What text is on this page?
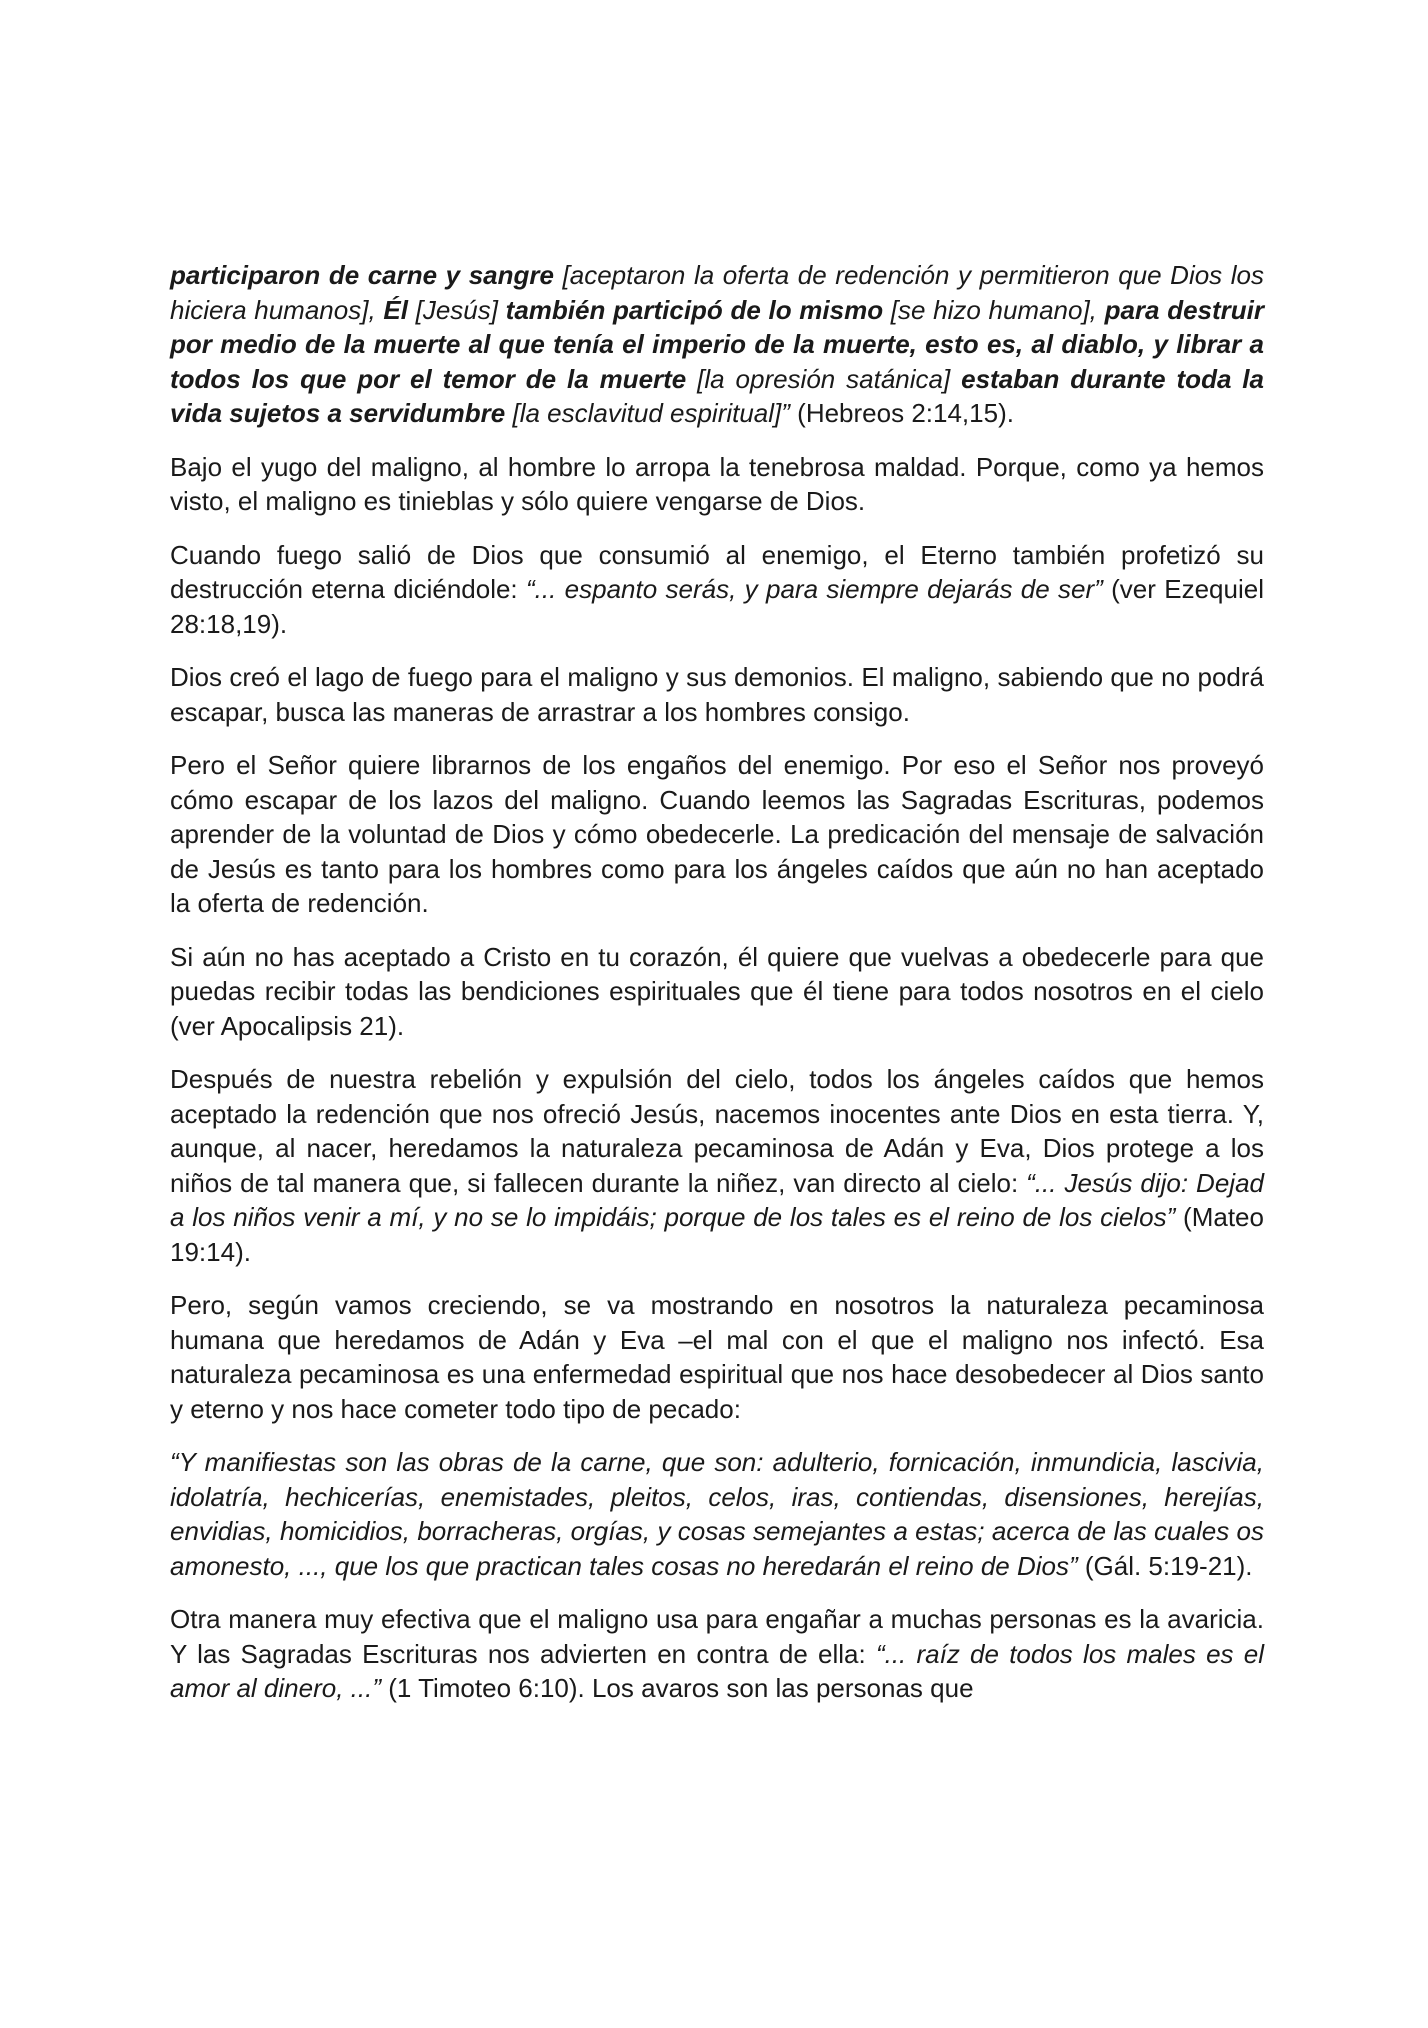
participaron de carne y sangre [aceptaron la oferta de redención y permitieron que Dios los hiciera humanos], Él [Jesús] también participó de lo mismo [se hizo humano], para destruir por medio de la muerte al que tenía el imperio de la muerte, esto es, al diablo, y librar a todos los que por el temor de la muerte [la opresión satánica] estaban durante toda la vida sujetos a servidumbre [la esclavitud espiritual]” (Hebreos 2:14,15).

Bajo el yugo del maligno, al hombre lo arropa la tenebrosa maldad. Porque, como ya hemos visto, el maligno es tinieblas y sólo quiere vengarse de Dios.

Cuando fuego salió de Dios que consumió al enemigo, el Eterno también profetizó su destrucción eterna diciéndole: “... espanto serás, y para siempre dejarás de ser” (ver Ezequiel 28:18,19).

Dios creó el lago de fuego para el maligno y sus demonios. El maligno, sabiendo que no podrá escapar, busca las maneras de arrastrar a los hombres consigo.

Pero el Señor quiere librarnos de los engaños del enemigo. Por eso el Señor nos proveyó cómo escapar de los lazos del maligno. Cuando leemos las Sagradas Escrituras, podemos aprender de la voluntad de Dios y cómo obedecerle. La predicación del mensaje de salvación de Jesús es tanto para los hombres como para los ángeles caídos que aún no han aceptado la oferta de redención.

Si aún no has aceptado a Cristo en tu corazón, él quiere que vuelvas a obedecerle para que puedas recibir todas las bendiciones espirituales que él tiene para todos nosotros en el cielo (ver Apocalipsis 21).

Después de nuestra rebelión y expulsión del cielo, todos los ángeles caídos que hemos aceptado la redención que nos ofreció Jesús, nacemos inocentes ante Dios en esta tierra. Y, aunque, al nacer, heredamos la naturaleza pecaminosa de Adán y Eva, Dios protege a los niños de tal manera que, si fallecen durante la niñez, van directo al cielo: “... Jesús dijo: Dejad a los niños venir a mí, y no se lo impidáis; porque de los tales es el reino de los cielos” (Mateo 19:14).

Pero, según vamos creciendo, se va mostrando en nosotros la naturaleza pecaminosa humana que heredamos de Adán y Eva –el mal con el que el maligno nos infectó. Esa naturaleza pecaminosa es una enfermedad espiritual que nos hace desobedecer al Dios santo y eterno y nos hace cometer todo tipo de pecado:

“Y manifiestas son las obras de la carne, que son: adulterio, fornicación, inmundicia, lascivia, idolatría, hechicerías, enemistades, pleitos, celos, iras, contiendas, disensiones, herejías, envidias, homicidios, borracheras, orgías, y cosas semejantes a estas; acerca de las cuales os amonesto, ..., que los que practican tales cosas no heredarán el reino de Dios” (Gál. 5:19-21).

Otra manera muy efectiva que el maligno usa para engañar a muchas personas es la avaricia. Y las Sagradas Escrituras nos advierten en contra de ella: “... raíz de todos los males es el amor al dinero, ...” (1 Timoteo 6:10). Los avaros son las personas que
